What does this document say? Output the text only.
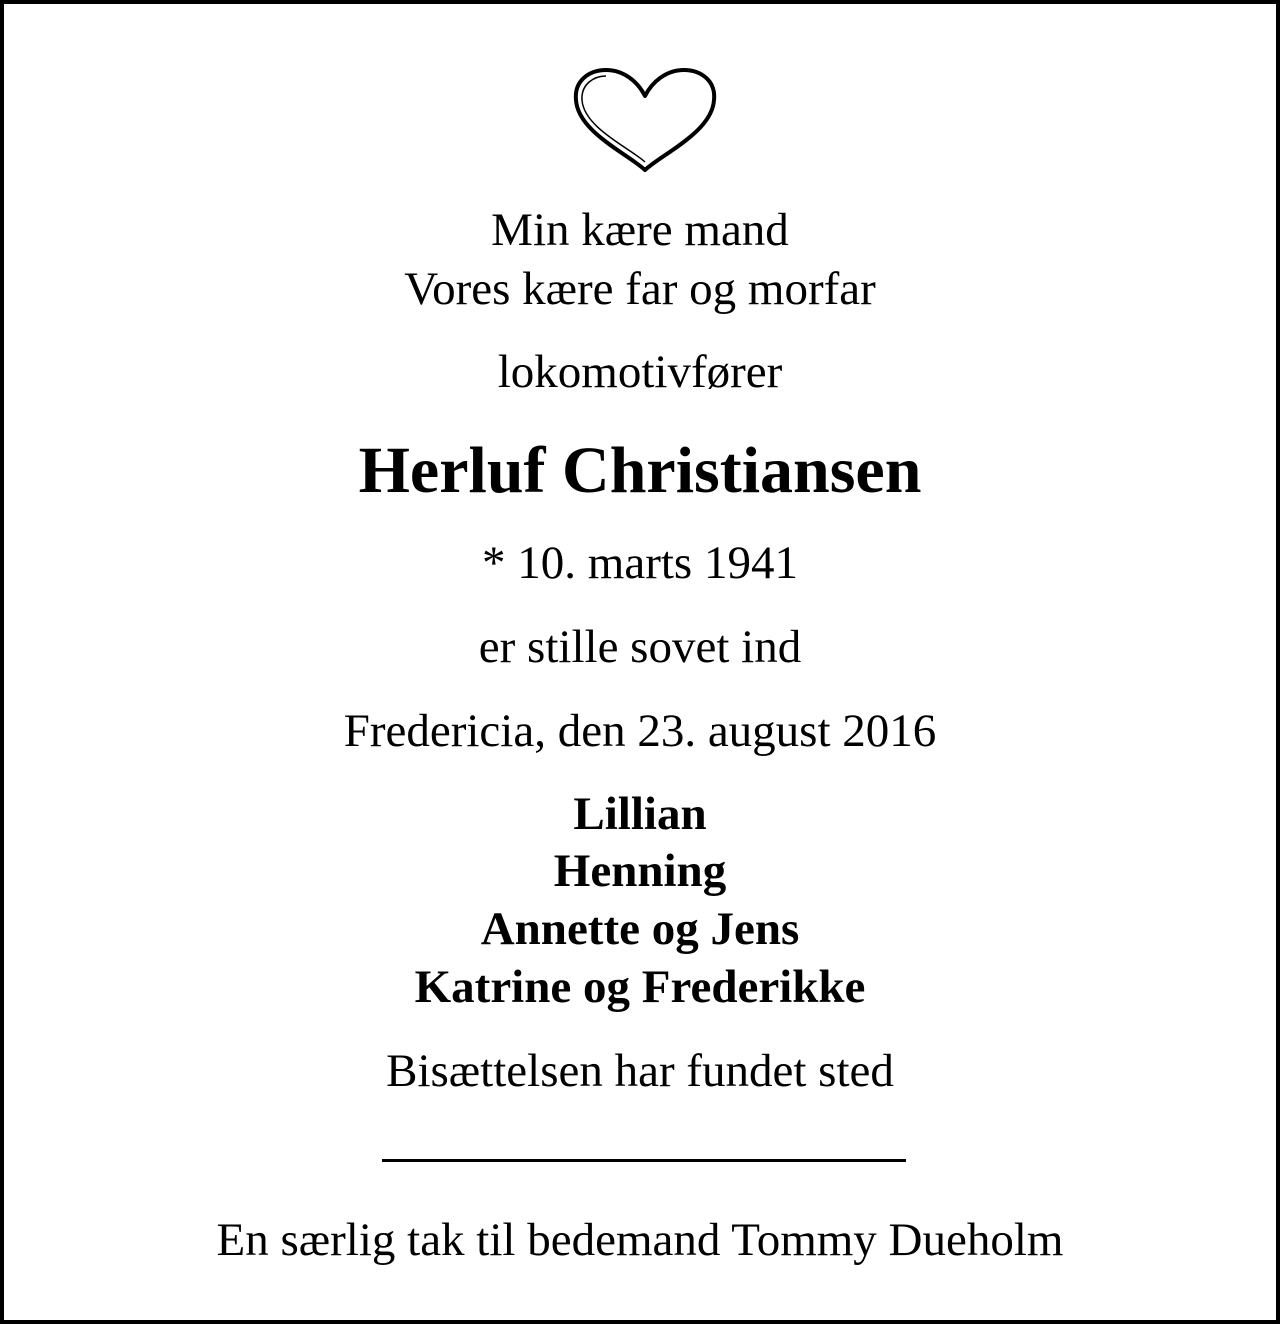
Min kære mand
Vores kære far og morfar
lokomotivfører
Herluf Christiansen
* 10. marts 1941
er stille sovet ind
Fredericia, den 23. august 2016
Lillian
Henning
Annette og Jens
Katrine og Frederikke
Bisættelsen har fundet sted
En særlig tak til bedemand Tommy Dueholm
